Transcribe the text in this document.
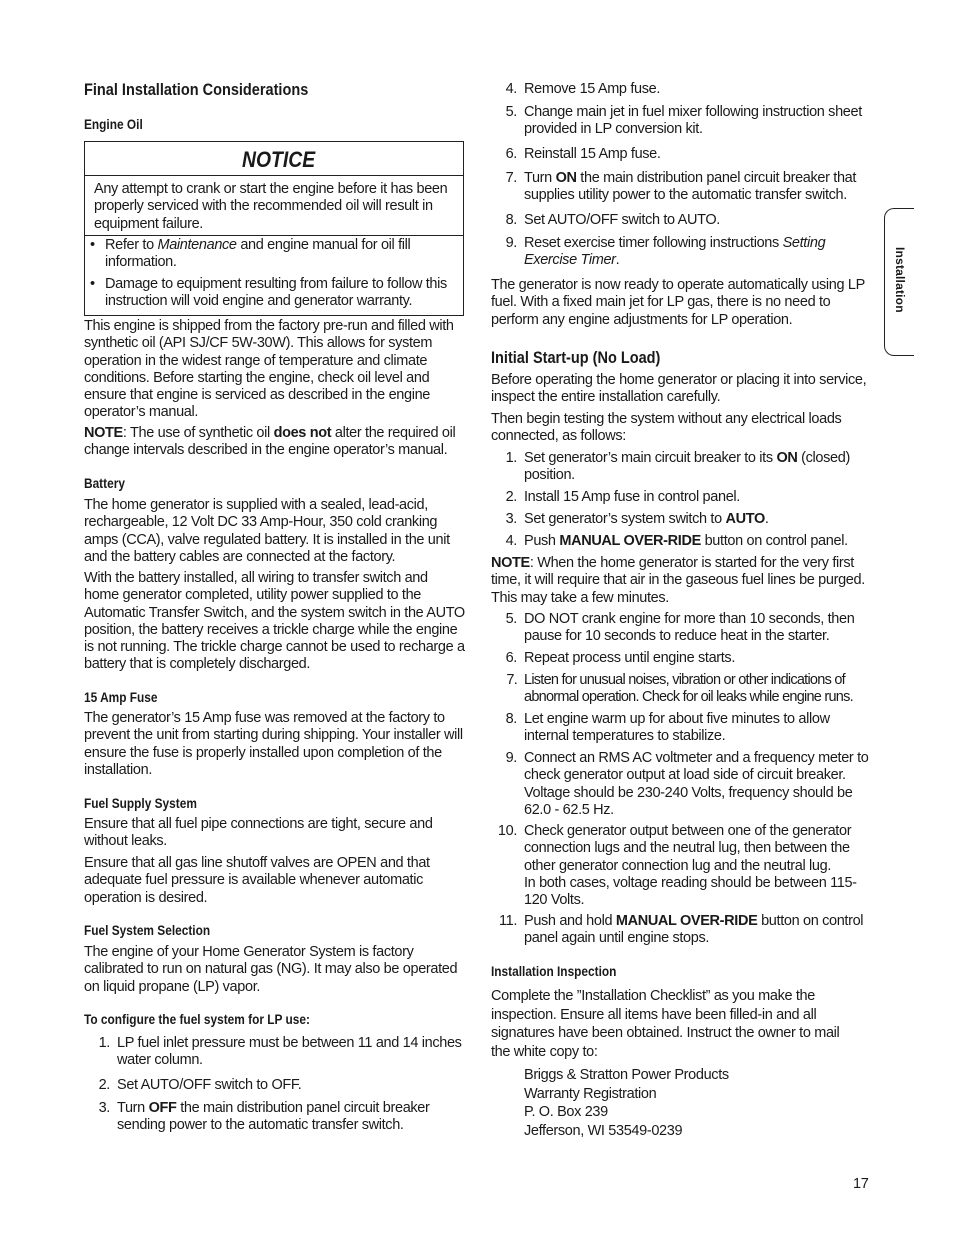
Final Installation Considerations
Engine Oil
NOTICE
Any attempt to crank or start the engine before it has been properly serviced with the recommended oil will result in equipment failure.
• Refer to Maintenance and engine manual for oil fill information.
• Damage to equipment resulting from failure to follow this instruction will void engine and generator warranty.
This engine is shipped from the factory pre-run and filled with synthetic oil (API SJ/CF 5W-30W). This allows for system operation in the widest range of temperature and climate conditions. Before starting the engine, check oil level and ensure that engine is serviced as described in the engine operator’s manual.
NOTE: The use of synthetic oil does not alter the required oil change intervals described in the engine operator’s manual.
Battery
The home generator is supplied with a sealed, lead-acid, rechargeable, 12 Volt DC 33 Amp-Hour, 350 cold cranking amps (CCA), valve regulated battery. It is installed in the unit and the battery cables are connected at the factory.
With the battery installed, all wiring to transfer switch and home generator completed, utility power supplied to the Automatic Transfer Switch, and the system switch in the AUTO position, the battery receives a trickle charge while the engine is not running. The trickle charge cannot be used to recharge a battery that is completely discharged.
15 Amp Fuse
The generator’s 15 Amp fuse was removed at the factory to prevent the unit from starting during shipping. Your installer will ensure the fuse is properly installed upon completion of the installation.
Fuel Supply System
Ensure that all fuel pipe connections are tight, secure and without leaks.
Ensure that all gas line shutoff valves are OPEN and that adequate fuel pressure is available whenever automatic operation is desired.
Fuel System Selection
The engine of your Home Generator System is factory calibrated to run on natural gas (NG). It may also be operated on liquid propane (LP) vapor.
To configure the fuel system for LP use:
1. LP fuel inlet pressure must be between 11 and 14 inches water column.
2. Set AUTO/OFF switch to OFF.
3. Turn OFF the main distribution panel circuit breaker sending power to the automatic transfer switch.
4. Remove 15 Amp fuse.
5. Change main jet in fuel mixer following instruction sheet provided in LP conversion kit.
6. Reinstall 15 Amp fuse.
7. Turn ON the main distribution panel circuit breaker that supplies utility power to the automatic transfer switch.
8. Set AUTO/OFF switch to AUTO.
9. Reset exercise timer following instructions Setting Exercise Timer.
The generator is now ready to operate automatically using LP fuel. With a fixed main jet for LP gas, there is no need to perform any engine adjustments for LP operation.
Initial Start-up (No Load)
Before operating the home generator or placing it into service, inspect the entire installation carefully.
Then begin testing the system without any electrical loads connected, as follows:
1. Set generator’s main circuit breaker to its ON (closed) position.
2. Install 15 Amp fuse in control panel.
3. Set generator’s system switch to AUTO.
4. Push MANUAL OVER-RIDE button on control panel.
NOTE: When the home generator is started for the very first time, it will require that air in the gaseous fuel lines be purged. This may take a few minutes.
5. DO NOT crank engine for more than 10 seconds, then pause for 10 seconds to reduce heat in the starter.
6. Repeat process until engine starts.
7. Listen for unusual noises, vibration or other indications of abnormal operation. Check for oil leaks while engine runs.
8. Let engine warm up for about five minutes to allow internal temperatures to stabilize.
9. Connect an RMS AC voltmeter and a frequency meter to check generator output at load side of circuit breaker. Voltage should be 230-240 Volts, frequency should be 62.0 - 62.5 Hz.
10. Check generator output between one of the generator connection lugs and the neutral lug, then between the other generator connection lug and the neutral lug.
In both cases, voltage reading should be between 115-120 Volts.
11. Push and hold MANUAL OVER-RIDE button on control panel again until engine stops.
Installation Inspection
Complete the ”Installation Checklist” as you make the inspection. Ensure all items have been filled-in and all signatures have been obtained. Instruct the owner to mail the white copy to:
Briggs & Stratton Power Products
Warranty Registration
P. O. Box 239
Jefferson, WI 53549-0239
Installation
17
